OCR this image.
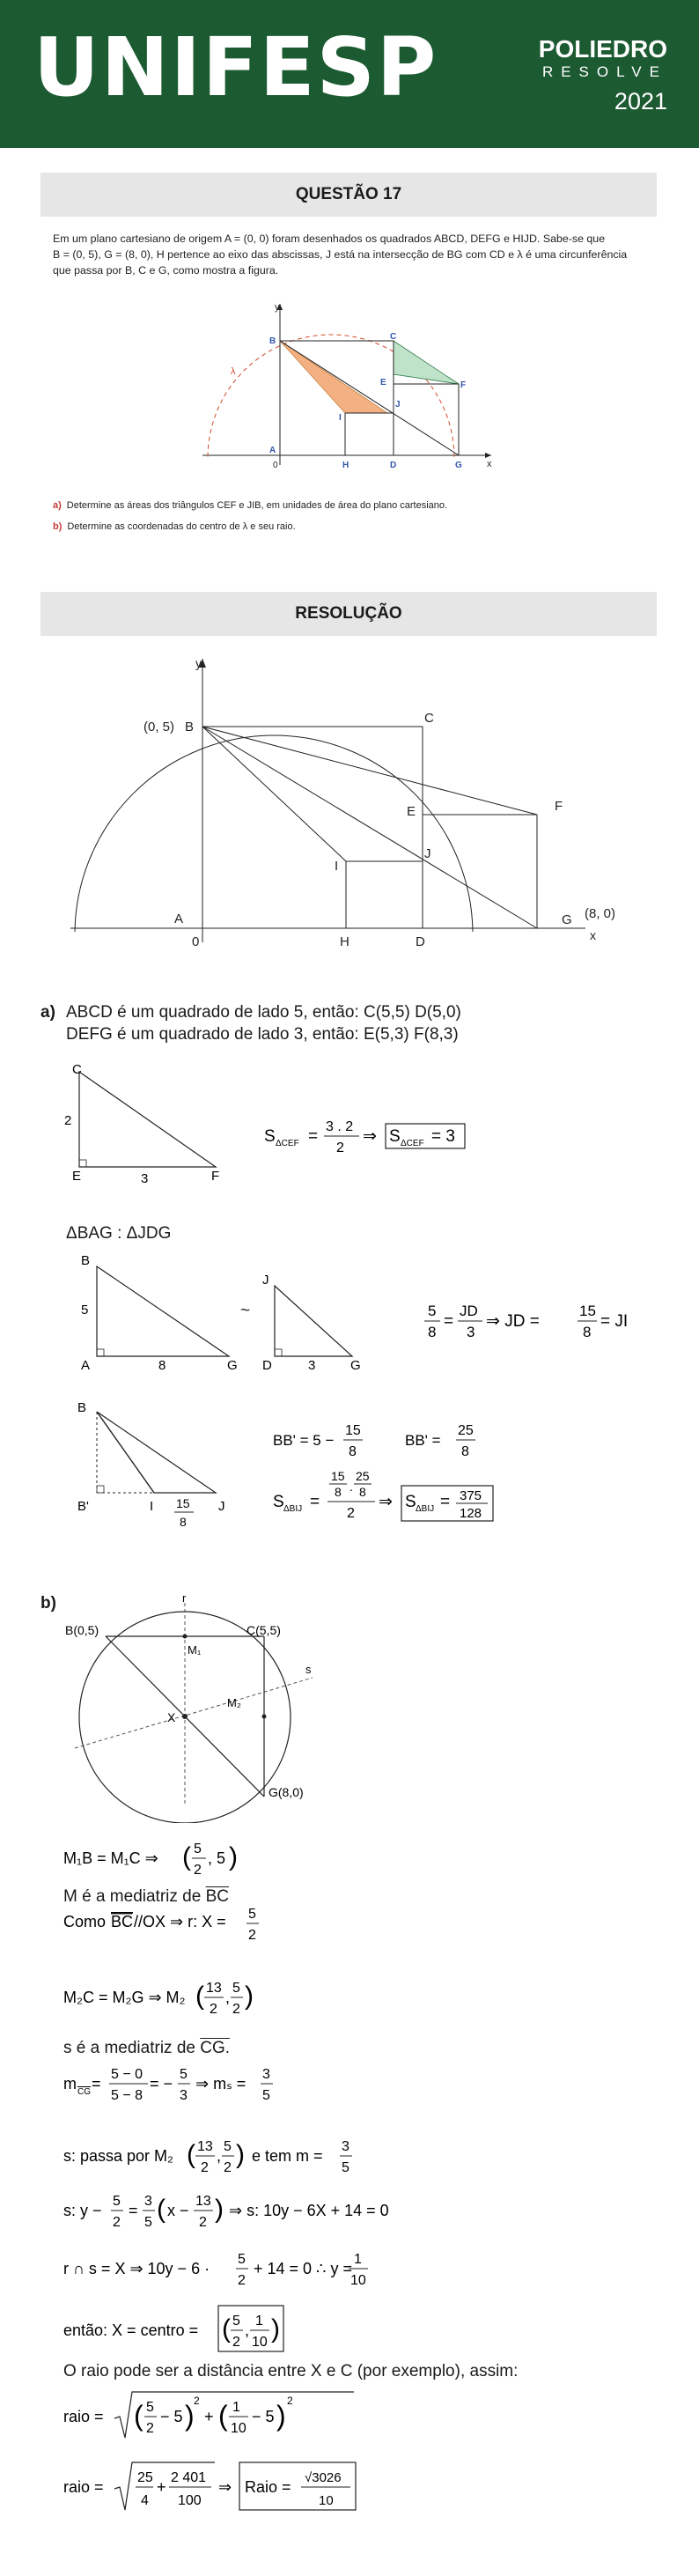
UNIFESP	POLIEDRO
RESOLVE
2021
QUESTÃO 17
Em um plano cartesiano de origem A = (0, 0) foram desenhados os quadrados ABCD, DEFG e HIJD. Sabe-se que
B = (0, 5), G = (8, 0), H pertence ao eixo das abscissas, J está na intersecção de BG com CD e λ é uma circunferência
que passa por B, C e G, como mostra a figura.
y
x
B
A
0
C
E	F
J
I
H	D	G
λ
a) Determine as áreas dos triângulos CEF e JIB, em unidades de área do plano cartesiano.
b) Determine as coordenadas do centro de λ e seu raio.
RESOLUÇÃO
y
x
(0, 5) B
C
E	F
J
I
A
0	H	D
G (8, 0)
a) ABCD é um quadrado de lado 5, então: C(5,5) D(5,0)
DEFG é um quadrado de lado 3, então: E(5,3) F(8,3)
C
E	F
2
3
S ΔCEF =
3 . 2
2
⇒ S ΔCEF = 3
ΔBAG : ΔJDG
B
A	G
5
8
~
J
D	G
3
5
8
=
JD
3
⇒ JD =
15
8
= JI
B
B'	I	J
15
8
BB' = 5 −
15
8
BB' =
25
8
S ΔBIJ =
15
8 .
25
8
2
⇒ S ΔBIJ = 375
128
b)	r
s
B(0,5)	C(5,5)
G(8,0)
X
M₁
M₂
M₁B = M₁C ⇒ ( 5
2
, 5 )
M é a mediatriz de $\overline{BC}$
Como BC //OX ⇒ r: X = 5
2
M₂C = M₂G ⇒ M₂ ( 13
2
,
5
2 )
s é a mediatriz de CG.
m CG =
5 − 0
5 − 8
= −
5
3
⇒ mₛ =
3
5
s: passa por M₂ ( 13
2
,
5
2 ) e tem m =
3
5
s: y −
5
2
=
3
5 ( x −
13
2 ) ⇒ s: 10y − 6X + 14 = 0
r ∩ s = X ⇒ 10y − 6 ·
5
2
+ 14 = 0 ∴ y =
1
10
então: X = centro = ( 5
2
,
1
10 )
O raio pode ser a distância entre X e C (por exemplo), assim:
raio = ( 5
2
− 5 ) 2
+ ( 1
10
− 5 ) 2
raio =
25
4
+
2 401
100
⇒ Raio =
√3026
10
